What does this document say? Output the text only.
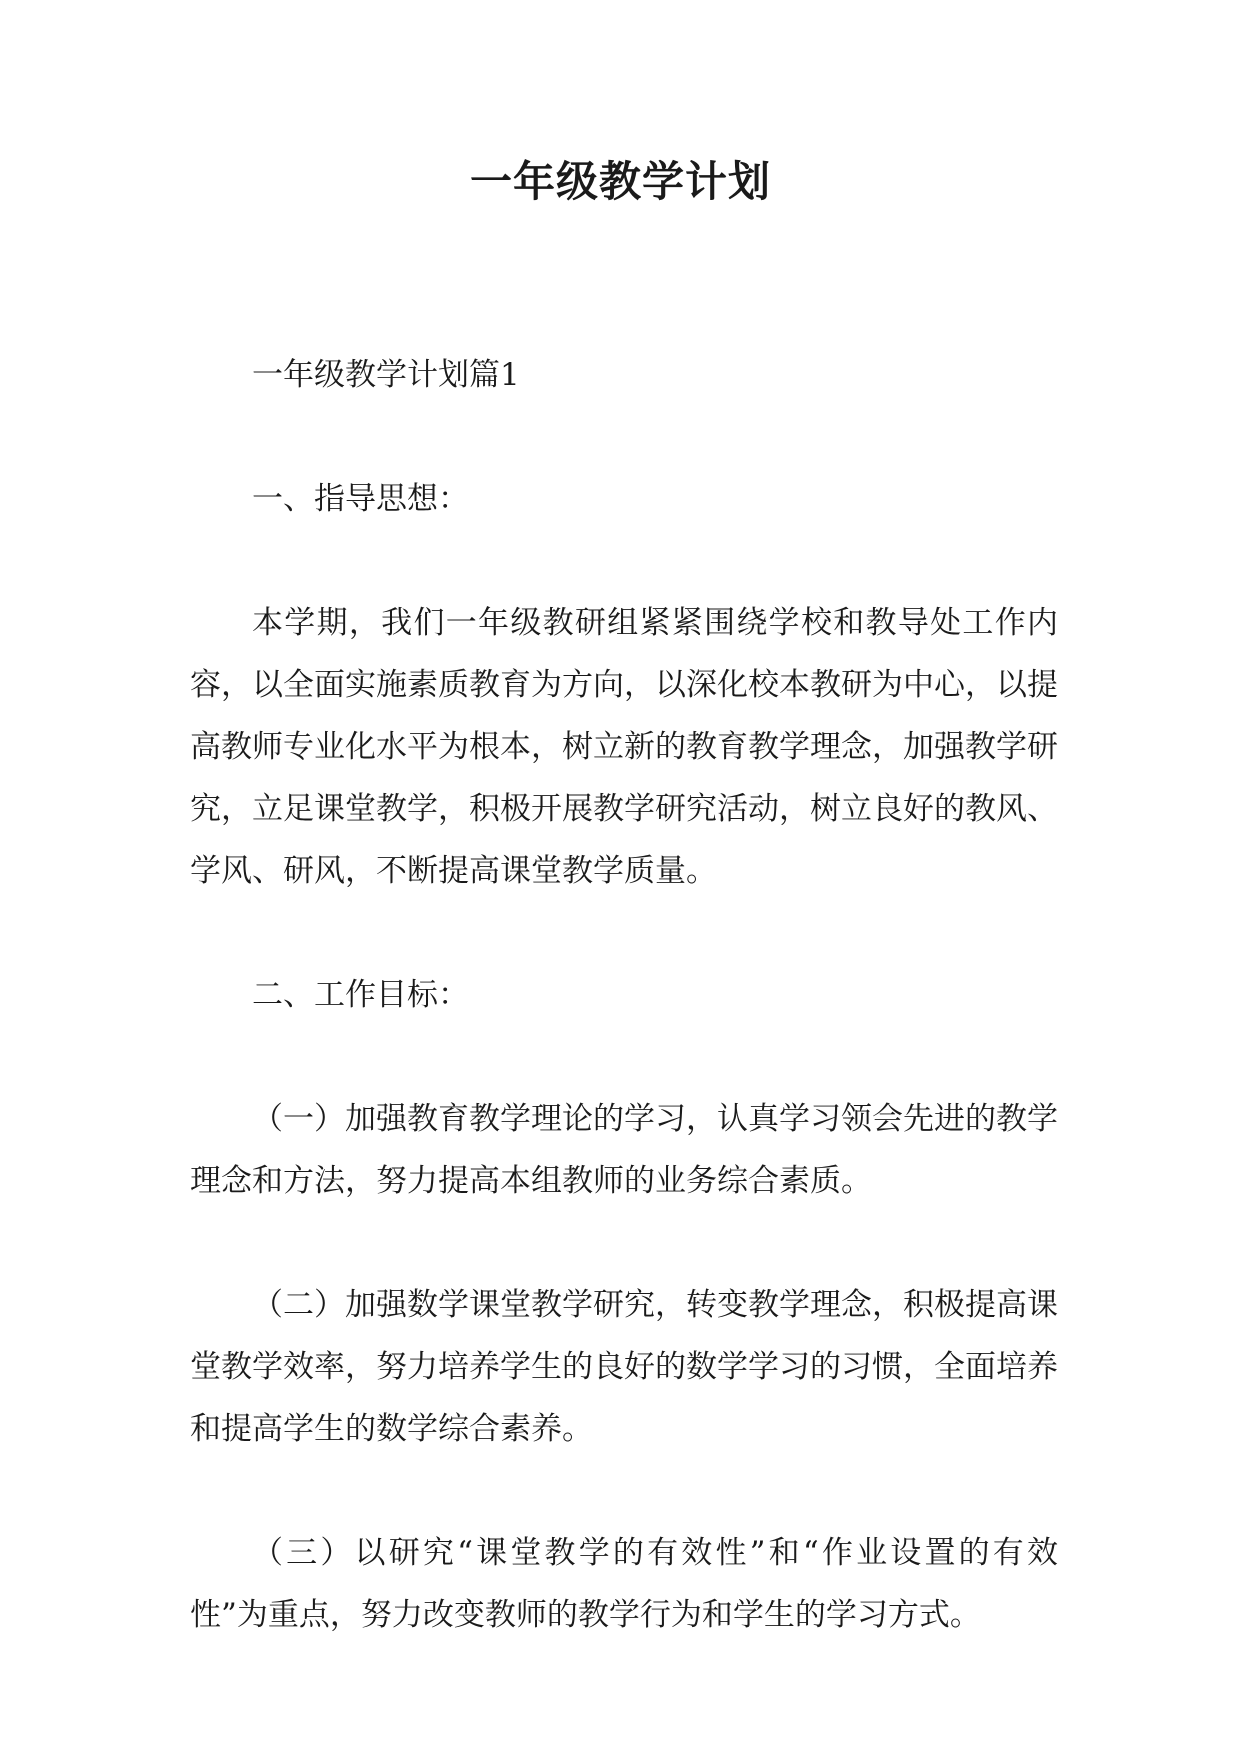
一年级教学计划

一年级教学计划篇1

一、指导思想：

本学期，我们一年级教研组紧紧围绕学校和教导处工作内容，以全面实施素质教育为方向，以深化校本教研为中心，以提高教师专业化水平为根本，树立新的教育教学理念，加强教学研究，立足课堂教学，积极开展教学研究活动，树立良好的教风、学风、研风，不断提高课堂教学质量。

二、工作目标：

（一）加强教育教学理论的学习，认真学习领会先进的教学理念和方法，努力提高本组教师的业务综合素质。

（二）加强数学课堂教学研究，转变教学理念，积极提高课堂教学效率，努力培养学生的良好的数学学习的习惯，全面培养和提高学生的数学综合素养。

（三）以研究“课堂教学的有效性”和“作业设置的有效性”为重点，努力改变教师的教学行为和学生的学习方式。
